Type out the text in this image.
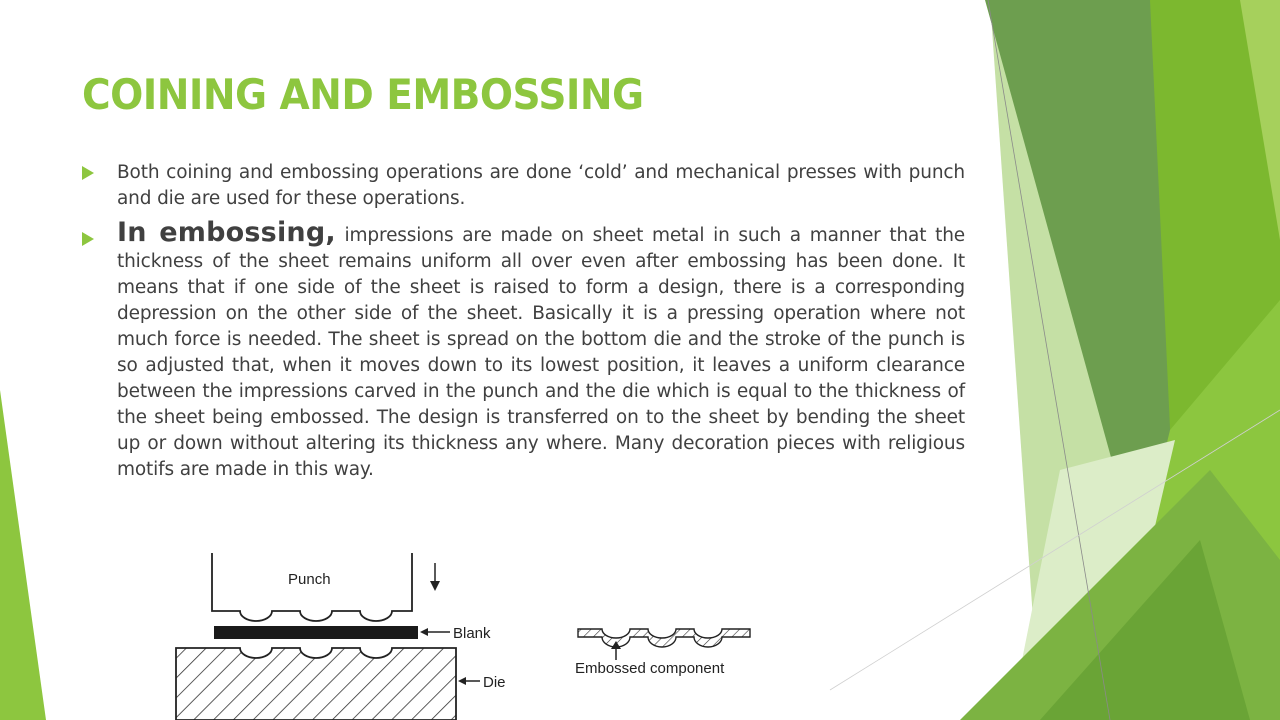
COINING AND EMBOSSING
Both coining and embossing operations are done ‘cold’ and mechanical presses with punch and die are used for these operations.
In embossing, impressions are made on sheet metal in such a manner that the thickness of the sheet remains uniform all over even after embossing has been done. It means that if one side of the sheet is raised to form a design, there is a corresponding depression on the other side of the sheet. Basically it is a pressing operation where not much force is needed. The sheet is spread on the bottom die and the stroke of the punch is so adjusted that, when it moves down to its lowest position, it leaves a uniform clearance between the impressions carved in the punch and the die which is equal to the thickness of the sheet being embossed. The design is transferred on to the sheet by bending the sheet up or down without altering its thickness any where. Many decoration pieces with religious motifs are made in this way.
Punch
Blank
Die
Embossed component
